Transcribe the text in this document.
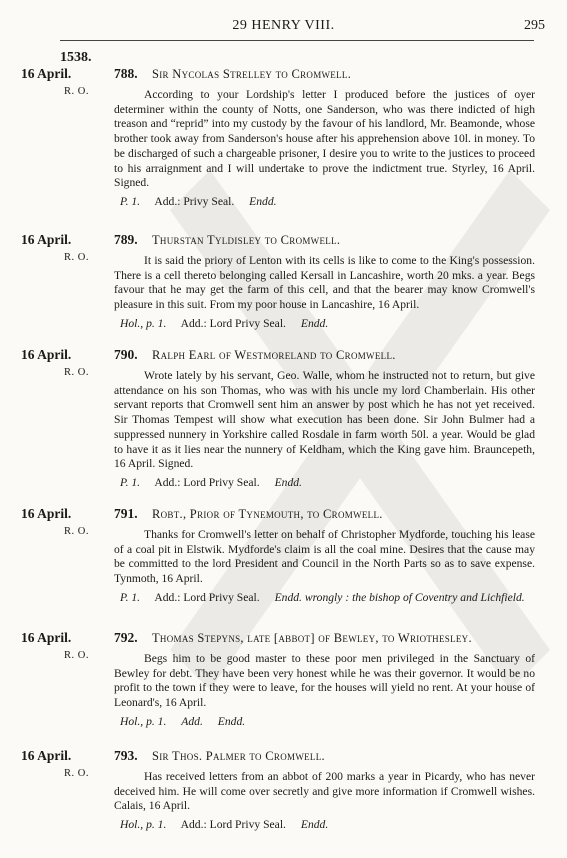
29 HENRY VIII.	295
1538.
16 April.
R. O.
788. Sir Nycolas Strelley to Cromwell.

According to your Lordship's letter I produced before the justices of oyer determiner within the county of Notts, one Sanderson, who was there indicted of high treason and “reprid” into my custody by the favour of his landlord, Mr. Beamonde, whose brother took away from Sanderson's house after his apprehension above 10l. in money. To be discharged of such a chargeable prisoner, I desire you to write to the justices to proceed to his arraignment and I will undertake to prove the indictment true. Styrley, 16 April. Signed.

P. 1. Add.: Privy Seal. Endd.
16 April.
R. O.
789. Thurstan Tyldisley to Cromwell.

It is said the priory of Lenton with its cells is like to come to the King's possession. There is a cell thereto belonging called Kersall in Lancashire, worth 20 mks. a year. Begs favour that he may get the farm of this cell, and that the bearer may know Cromwell's pleasure in this suit. From my poor house in Lancashire, 16 April.

Hol., p. 1. Add.: Lord Privy Seal. Endd.
16 April.
R. O.
790. Ralph Earl of Westmoreland to Cromwell.

Wrote lately by his servant, Geo. Walle, whom he instructed not to return, but give attendance on his son Thomas, who was with his uncle my lord Chamberlain. His other servant reports that Cromwell sent him an answer by post which he has not yet received. Sir Thomas Tempest will show what execution has been done. Sir John Bulmer had a suppressed nunnery in Yorkshire called Rosdale in farm worth 50l. a year. Would be glad to have it as it lies near the nunnery of Keldham, which the King gave him. Brauncepeth, 16 April. Signed.

P. 1. Add.: Lord Privy Seal. Endd.
16 April.
R. O.
791. Robt., Prior of Tynemouth, to Cromwell.

Thanks for Cromwell's letter on behalf of Christopher Mydforde, touching his lease of a coal pit in Elstwik. Mydforde's claim is all the coal mine. Desires that the cause may be committed to the lord President and Council in the North Parts so as to save expense. Tynmoth, 16 April.

P. 1. Add.: Lord Privy Seal. Endd. wrongly : the bishop of Coventry and Lichfield.
16 April.
R. O.
792. Thomas Stepyns, late [abbot] of Bewley, to Wriothesley.

Begs him to be good master to these poor men privileged in the Sanctuary of Bewley for debt. They have been very honest while he was their governor. It would be no profit to the town if they were to leave, for the houses will yield no rent. At your house of Leonard's, 16 April.

Hol., p. 1. Add. Endd.
16 April.
R. O.
793. Sir Thos. Palmer to Cromwell.

Has received letters from an abbot of 200 marks a year in Picardy, who has never deceived him. He will come over secretly and give more information if Cromwell wishes. Calais, 16 April.

Hol., p. 1. Add.: Lord Privy Seal. Endd.
